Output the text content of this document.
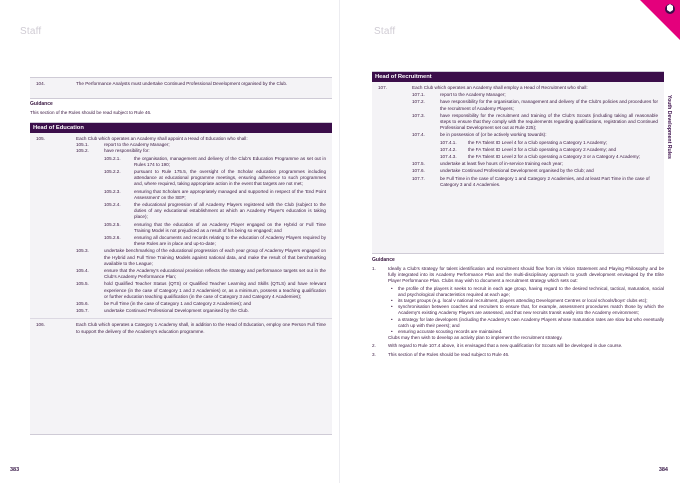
Staff
104.	The Performance Analysts must undertake Continued Professional Development organised by the Club.
Guidance
This section of the Rules should be read subject to Rule 46.
Head of Education
105.	Each Club which operates an Academy shall appoint a Head of Education who shall:
105.1.	report to the Academy Manager;
105.2.	have responsibility for:
105.2.1.	the organisation, management and delivery of the Club's Education Programme as set out in Rules 174 to 190;
105.2.2.	pursuant to Rule 175.5, the oversight of the Scholar education programmes including attendance at educational programme meetings, ensuring adherence to such programmes and, where required, taking appropriate action in the event that targets are not met;
105.2.3.	ensuring that Scholars are appropriately managed and supported in respect of the 'End Point Assessment' on the SEP;
105.2.4.	the educational progression of all Academy Players registered with the Club (subject to the duties of any educational establishment at which an Academy Player's education is taking place);
105.2.5.	ensuring that the education of an Academy Player engaged on the Hybrid or Full Time Training Model is not prejudiced as a result of his being so engaged; and
105.2.6.	ensuring all documents and records relating to the education of Academy Players required by these Rules are in place and up-to-date;
105.3.	undertake benchmarking of the educational progression of each year group of Academy Players engaged on the Hybrid and Full Time Training Models against national data, and make the result of that benchmarking available to the League;
105.4.	ensure that the Academy's educational provision reflects the strategy and performance targets set out in the Club's Academy Performance Plan;
105.5.	hold Qualified Teacher Status (QTS) or Qualified Teacher Learning and Skills (QTLS) and have relevant experience (in the case of Category 1 and 2 Academies) or, as a minimum, possess a teaching qualification or further education teaching qualification (in the case of Category 3 and Category 4 Academies);
105.6.	be Full Time (in the case of Category 1 and Category 2 Academies); and
105.7.	undertake Continued Professional Development organised by the Club.
106.	Each Club which operates a Category 1 Academy shall, in addition to the Head of Education, employ one Person Full Time to support the delivery of the Academy's education programme.
383
Staff
Youth Development Rules
Head of Recruitment
107.	Each Club which operates an Academy shall employ a Head of Recruitment who shall:
107.1.	report to the Academy Manager;
107.2.	have responsibility for the organisation, management and delivery of the Club's policies and procedures for the recruitment of Academy Players;
107.3.	have responsibility for the recruitment and training of the Club's Scouts (including taking all reasonable steps to ensure that they comply with the requirements regarding qualifications, registration and Continued Professional Development set out at Rule 225);
107.4.	be in possession of (or be actively working towards):
107.4.1. the FA Talent ID Level 4 for a Club operating a Category 1 Academy;
107.4.2. the FA Talent ID Level 3 for a Club operating a Category 2 Academy; and
107.4.3. the FA Talent ID Level 2 for a Club operating a Category 3 or a Category 4 Academy;
107.5.	undertake at least five hours of in-service training each year;
107.6.	undertake Continued Professional Development organised by the Club; and
107.7.	be Full Time in the case of Category 1 and Category 2 Academies, and at least Part Time in the case of Category 3 and 4 Academies.
Guidance
1.	Ideally a Club's strategy for talent identification and recruitment should flow from its Vision Statement and Playing Philosophy and be fully integrated into its Academy Performance Plan and the multi-disciplinary approach to youth development envisaged by the Elite Player Performance Plan. Clubs may wish to document a recruitment strategy which sets out:
• the profile of the players it seeks to recruit in each age group, having regard to the desired technical, tactical, maturation, social and psychological characteristics required at each age;
• its target groups (e.g. local v national recruitment, players attending Development Centres or local schools/boys' clubs etc);
• synchronisation between coaches and recruiters to ensure that, for example, assessment procedures match those by which the Academy's existing Academy Players are assessed, and that new recruits transit easily into the Academy environment;
• a strategy for late developers (including the Academy's own Academy Players whose maturation rates are slow but who eventually catch up with their peers); and
• ensuring accurate scouting records are maintained.
Clubs may then wish to develop an activity plan to implement the recruitment strategy.
2.	With regard to Rule 107.4 above, it is envisaged that a new qualification for Scouts will be developed in due course.
3.	This section of the Rules should be read subject to Rule 46.
384
